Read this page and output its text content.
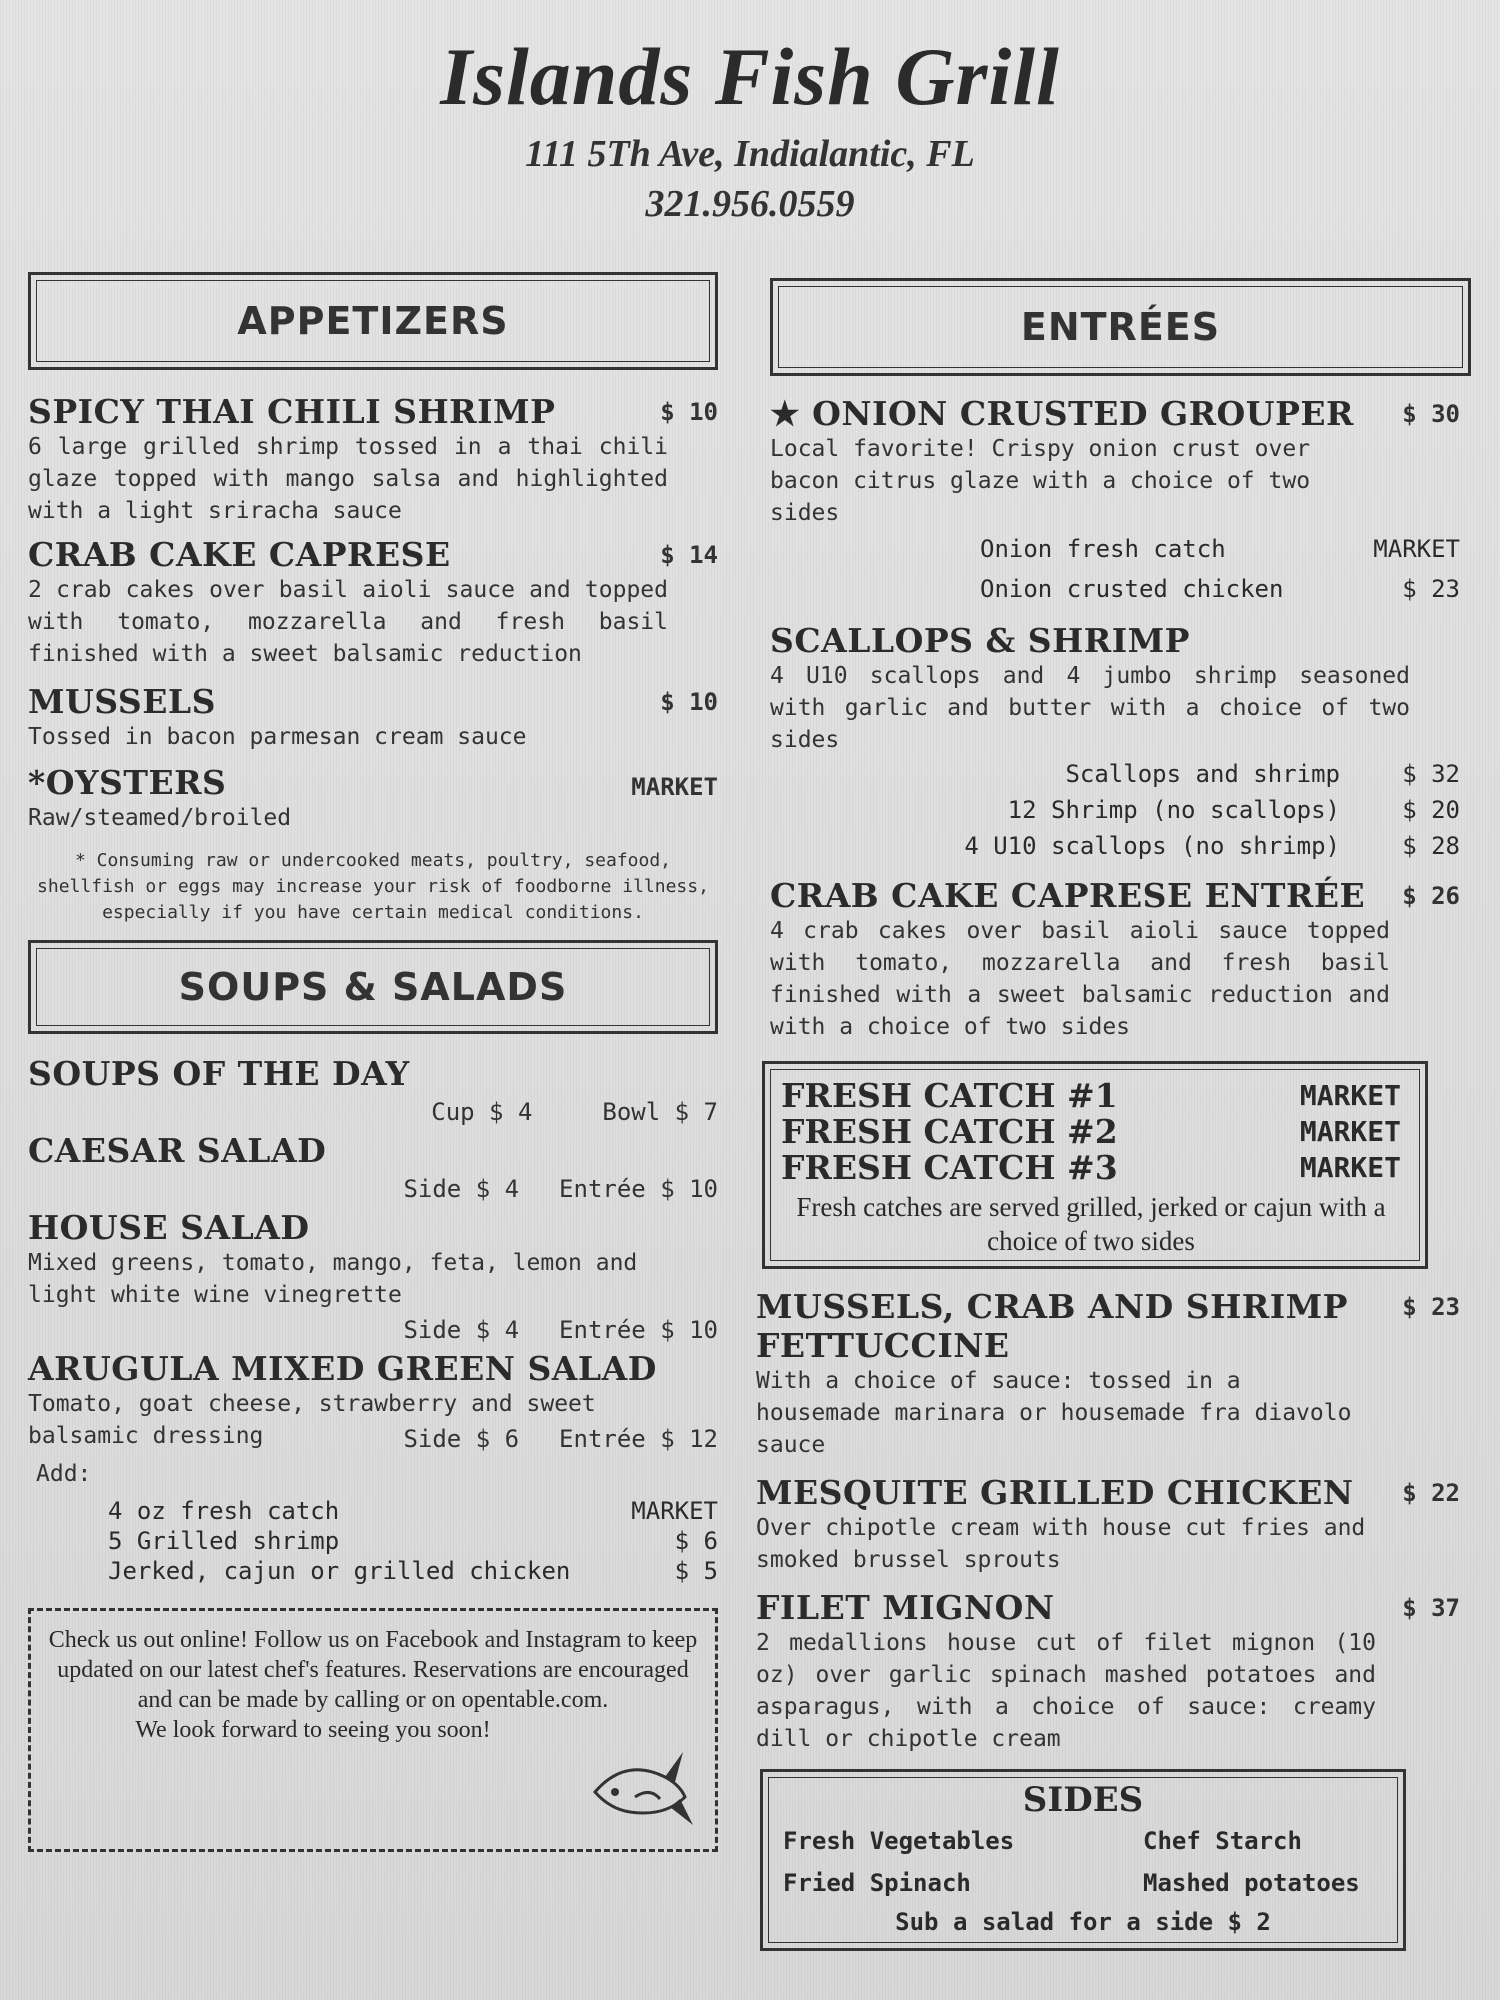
Islands Fish Grill
111 5Th Ave, Indialantic, FL
321.956.0559
APPETIZERS
SPICY THAI CHILI SHRIMP	$ 10
6 large grilled shrimp tossed in a thai chili glaze topped with mango salsa and highlighted with a light sriracha sauce
CRAB CAKE CAPRESE	$ 14
2 crab cakes over basil aioli sauce and topped with tomato, mozzarella and fresh basil finished with a sweet balsamic reduction
MUSSELS	$ 10
Tossed in bacon parmesan cream sauce
*OYSTERS	MARKET
Raw/steamed/broiled
* Consuming raw or undercooked meats, poultry, seafood, shellfish or eggs may increase your risk of foodborne illness, especially if you have certain medical conditions.
SOUPS & SALADS
SOUPS OF THE DAY
Cup $ 4	Bowl $ 7
CAESAR SALAD
Side $ 4 Entrée $ 10
HOUSE SALAD
Mixed greens, tomato, mango, feta, lemon and light white wine vinegrette
Side $ 4 Entrée $ 10
ARUGULA MIXED GREEN SALAD
Tomato, goat cheese, strawberry and sweet balsamic dressing	Side $ 6 Entrée $ 12
Add:
4 oz fresh catch	MARKET
5 Grilled shrimp	$ 6
Jerked, cajun or grilled chicken	$ 5
Check us out online! Follow us on Facebook and Instagram to keep updated on our latest chef's features. Reservations are encouraged and can be made by calling or on opentable.com.
We look forward to seeing you soon!
ENTRÉES
★ ONION CRUSTED GROUPER	$ 30
Local favorite! Crispy onion crust over bacon citrus glaze with a choice of two sides
Onion fresh catch	MARKET
Onion crusted chicken	$ 23
SCALLOPS & SHRIMP
4 U10 scallops and 4 jumbo shrimp seasoned with garlic and butter with a choice of two sides
Scallops and shrimp	$ 32
12 Shrimp (no scallops)	$ 20
4 U10 scallops (no shrimp)	$ 28
CRAB CAKE CAPRESE ENTRÉE	$ 26
4 crab cakes over basil aioli sauce topped with tomato, mozzarella and fresh basil finished with a sweet balsamic reduction and with a choice of two sides
FRESH CATCH #1	MARKET
FRESH CATCH #2	MARKET
FRESH CATCH #3	MARKET
Fresh catches are served grilled, jerked or cajun with a choice of two sides
MUSSELS, CRAB AND SHRIMP
FETTUCCINE
$ 23
With a choice of sauce: tossed in a housemade marinara or housemade fra diavolo sauce
MESQUITE GRILLED CHICKEN	$ 22
Over chipotle cream with house cut fries and smoked brussel sprouts
FILET MIGNON	$ 37
2 medallions house cut of filet mignon (10 oz) over garlic spinach mashed potatoes and asparagus, with a choice of sauce: creamy dill or chipotle cream
SIDES
Fresh Vegetables	Chef Starch
Fried Spinach	Mashed potatoes
Sub a salad for a side $ 2
